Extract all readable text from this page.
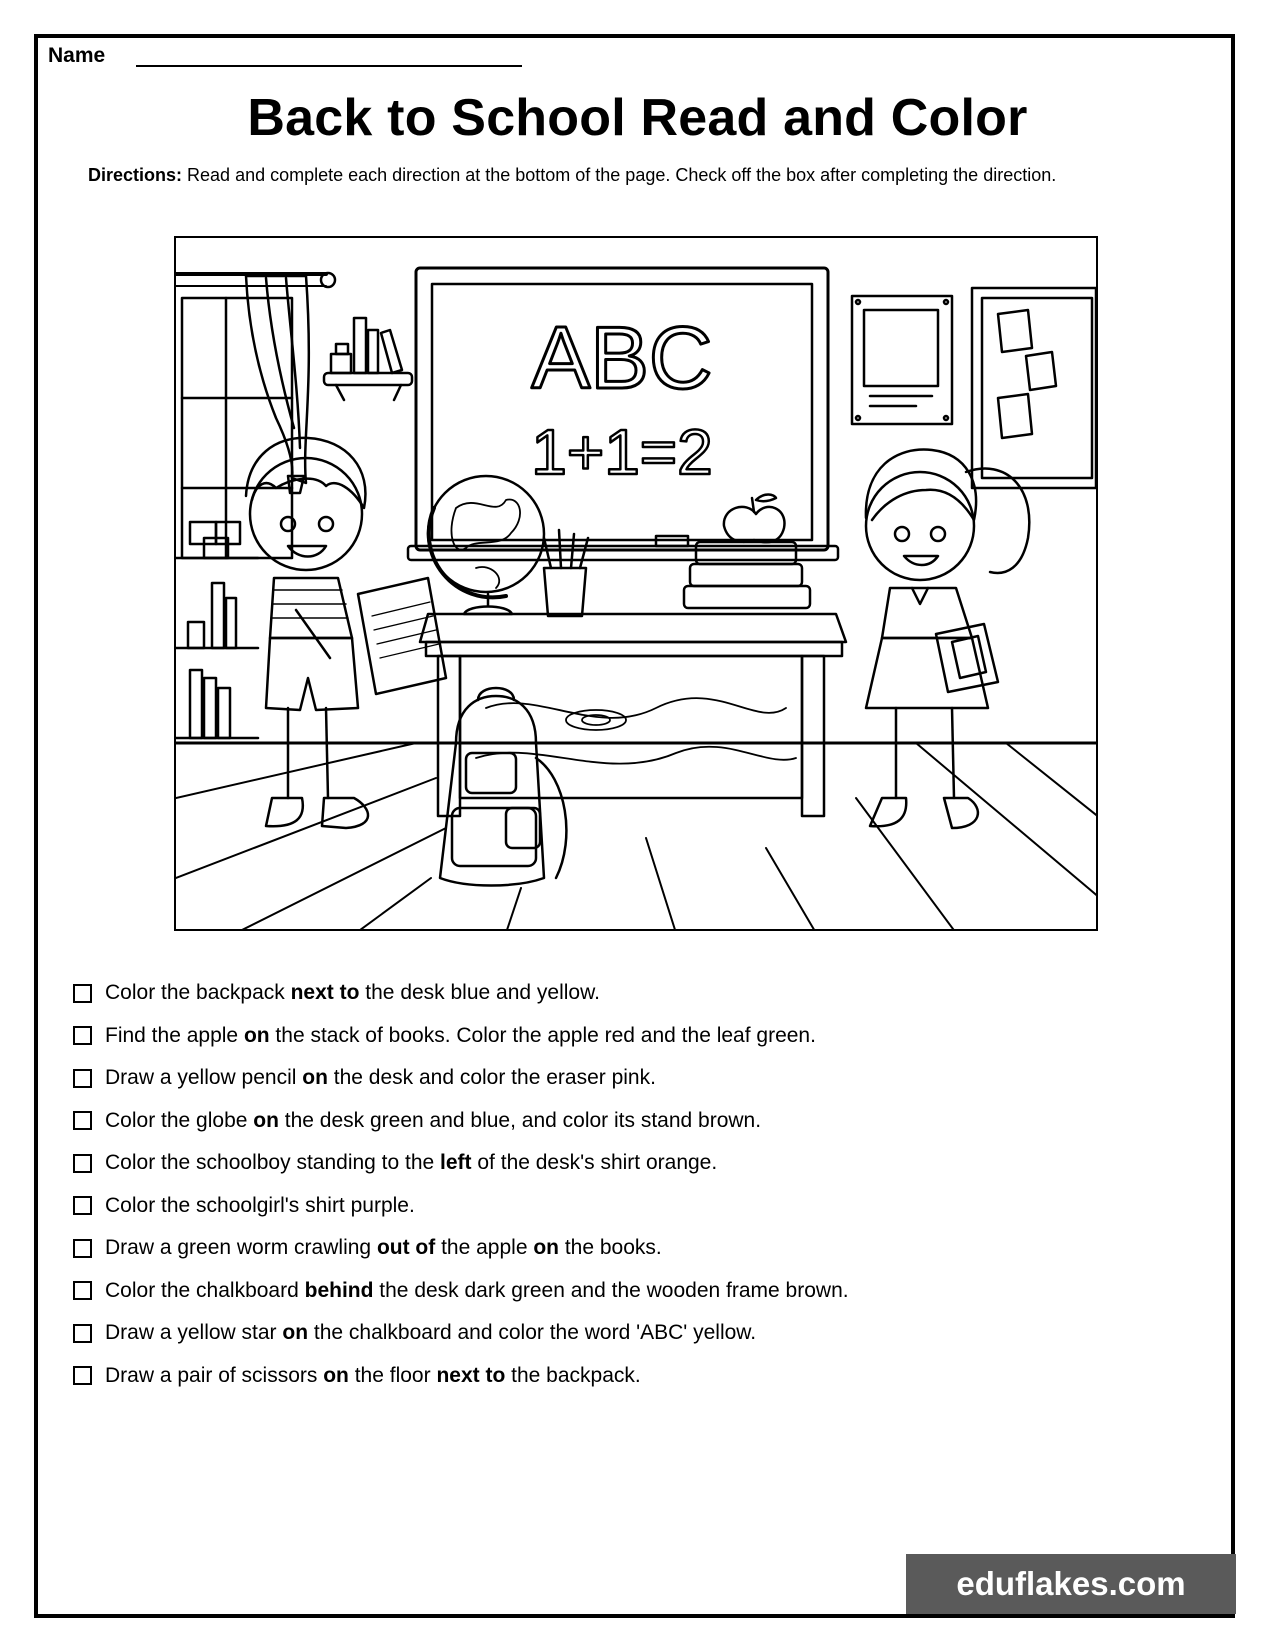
Name
Back to School Read and Color
Directions: Read and complete each direction at the bottom of the page. Check off the box after completing the direction.
ABC
1+1=2
Color the backpack next to the desk blue and yellow.
Find the apple on the stack of books. Color the apple red and the leaf green.
Draw a yellow pencil on the desk and color the eraser pink.
Color the globe on the desk green and blue, and color its stand brown.
Color the schoolboy standing to the left of the desk's shirt orange.
Color the schoolgirl's shirt purple.
Draw a green worm crawling out of the apple on the books.
Color the chalkboard behind the desk dark green and the wooden frame brown.
Draw a yellow star on the chalkboard and color the word 'ABC' yellow.
Draw a pair of scissors on the floor next to the backpack.
eduflakes.com
